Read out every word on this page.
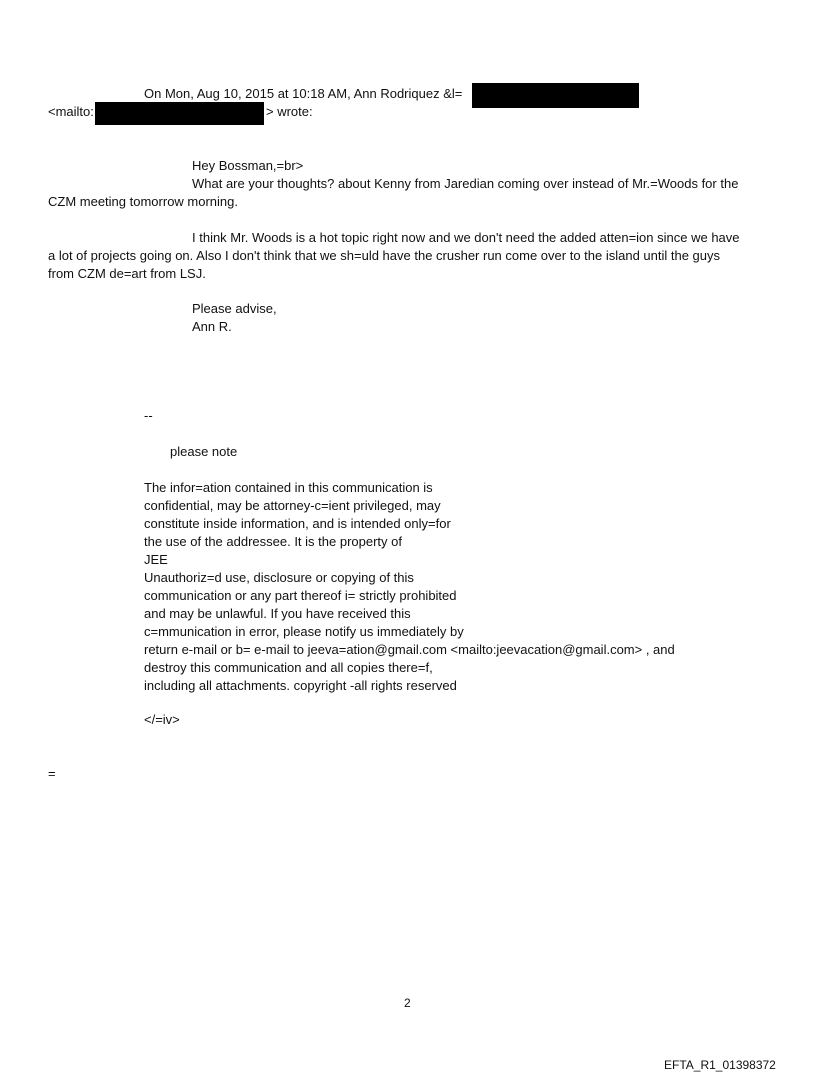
On Mon, Aug 10, 2015 at 10:18 AM, Ann Rodriquez &l=
<mailto:	> wrote:
Hey Bossman,=br>
What are your thoughts? about Kenny from Jaredian coming over instead of Mr.=Woods for the
CZM meeting tomorrow morning.
I think Mr. Woods is a hot topic right now and we don't need the added atten=ion since we have
a lot of projects going on. Also I don't think that we sh=uld have the crusher run come over to the island until the guys
from CZM de=art from LSJ.
Please advise,
Ann R.
--
please note
The infor=ation contained in this communication is
confidential, may be attorney-c=ient privileged, may
constitute inside information, and is intended only=for
the use of the addressee. It is the property of
JEE
Unauthoriz=d use, disclosure or copying of this
communication or any part thereof i= strictly prohibited
and may be unlawful. If you have received this
c=mmunication in error, please notify us immediately by
return e-mail or b= e-mail to jeeva=ation@gmail.com <mailto:jeevacation@gmail.com> , and
destroy this communication and all copies there=f,
including all attachments. copyright -all rights reserved
</=iv>
=
2
EFTA_R1_01398372
